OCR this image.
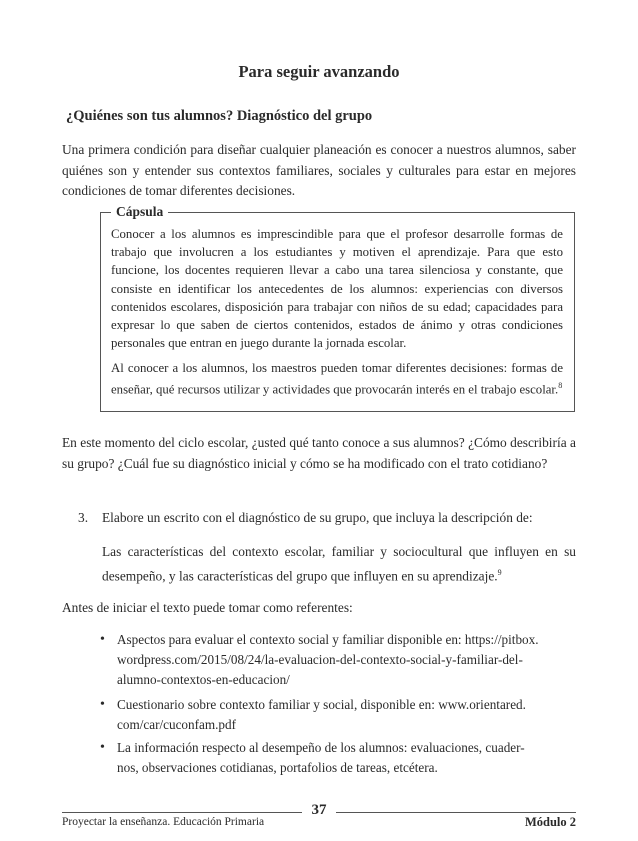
Para seguir avanzando
¿Quiénes son tus alumnos? Diagnóstico del grupo

Una primera condición para diseñar cualquier planeación es conocer a nuestros alumnos, saber quiénes son y entender sus contextos familiares, sociales y culturales para estar en mejores condiciones de tomar diferentes decisiones.

Cápsula

Conocer a los alumnos es imprescindible para que el profesor desarrolle formas de trabajo que involucren a los estudiantes y motiven el aprendizaje. Para que esto funcione, los docentes requieren llevar a cabo una tarea silenciosa y constante, que consiste en identificar los antecedentes de los alumnos: experiencias con diversos contenidos escolares, disposición para trabajar con niños de su edad; capacidades para expresar lo que saben de ciertos contenidos, estados de ánimo y otras condiciones personales que entran en juego durante la jornada escolar.

Al conocer a los alumnos, los maestros pueden tomar diferentes decisiones: formas de enseñar, qué recursos utilizar y actividades que provocarán interés en el trabajo escolar.$^8$

En este momento del ciclo escolar, ¿usted qué tanto conoce a sus alumnos? ¿Cómo describiría a su grupo? ¿Cuál fue su diagnóstico inicial y cómo se ha modificado con el trato cotidiano?

3. Elabore un escrito con el diagnóstico de su grupo, que incluya la descripción de:

Las características del contexto escolar, familiar y sociocultural que influyen en su desempeño, y las características del grupo que influyen en su aprendizaje.$^9$

Antes de iniciar el texto puede tomar como referentes:

• Aspectos para evaluar el contexto social y familiar disponible en: https://pitbox.
wordpress.com/2015/08/24/la-evaluacion-del-contexto-social-y-familiar-del-
alumno-contextos-en-educacion/
• Cuestionario sobre contexto familiar y social, disponible en: www.orientared.
com/car/cuconfam.pdf
• La información respecto al desempeño de los alumnos: evaluaciones, cuader-
nos, observaciones cotidianas, portafolios de tareas, etcétera.
37
Proyectar la enseñanza. Educación Primaria	Módulo 2
